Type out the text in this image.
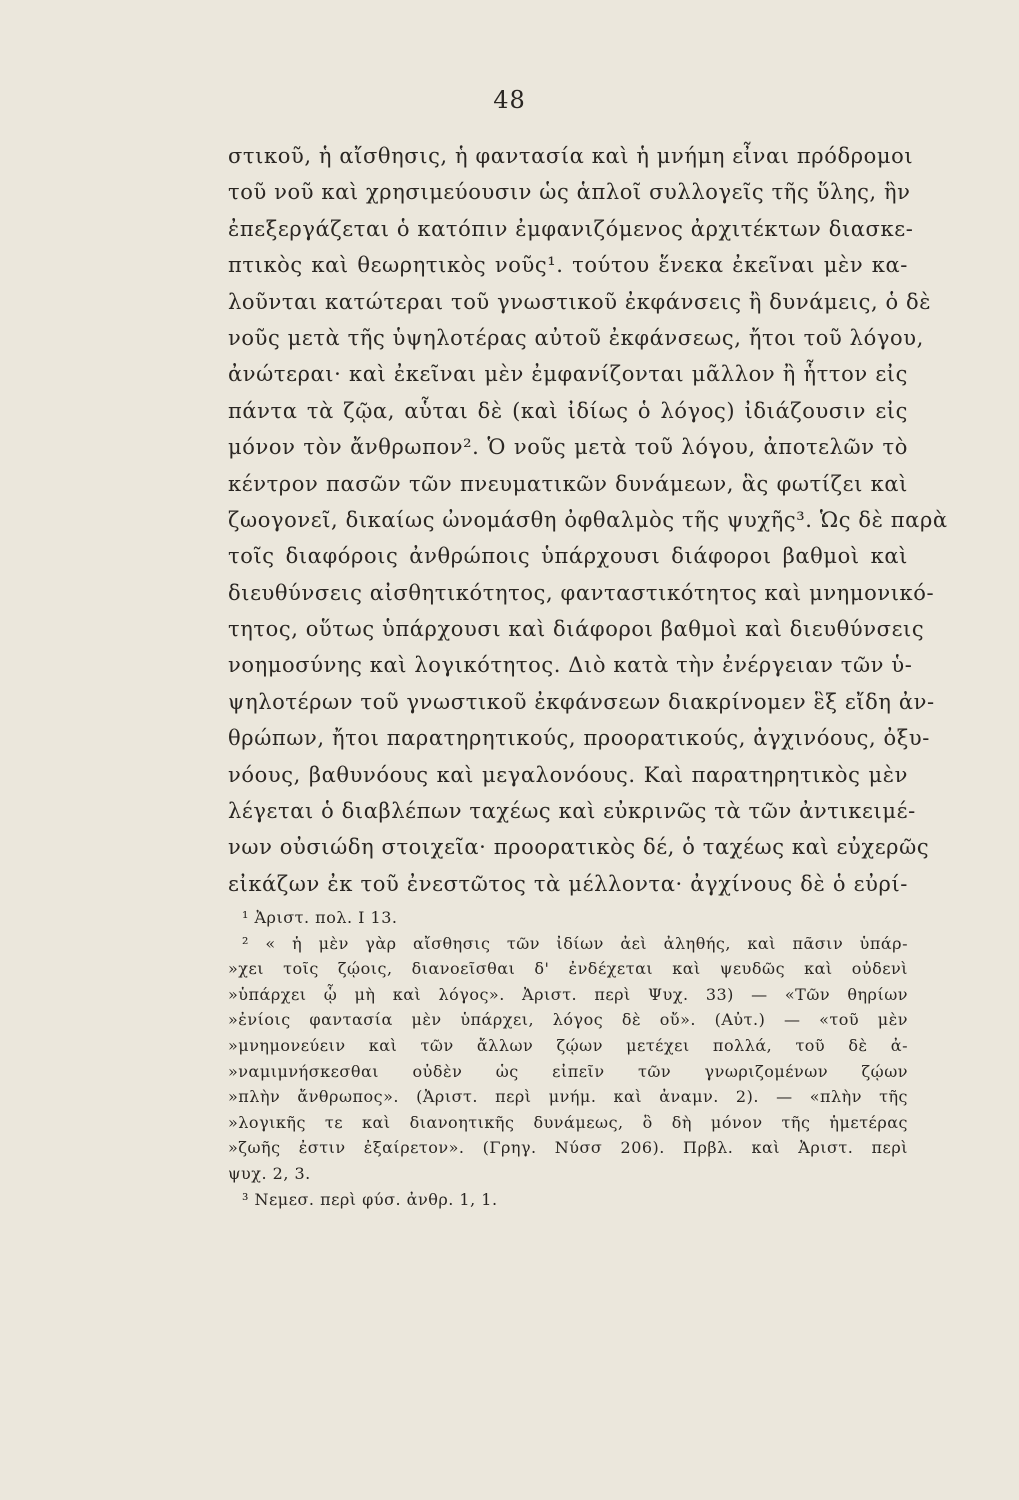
48
στικοῦ, ἡ αἴσθησις, ἡ φαντασία καὶ ἡ μνήμη εἶναι πρόδρομοι
τοῦ νοῦ καὶ χρησιμεύουσιν ὡς ἁπλοῖ συλλογεῖς τῆς ὕλης, ἣν
ἐπεξεργάζεται ὁ κατόπιν ἐμφανιζόμενος ἀρχιτέκτων διασκε-
πτικὸς καὶ θεωρητικὸς νοῦς¹. τούτου ἕνεκα ἐκεῖναι μὲν κα-
λοῦνται κατώτεραι τοῦ γνωστικοῦ ἐκφάνσεις ἢ δυνάμεις, ὁ δὲ
νοῦς μετὰ τῆς ὑψηλοτέρας αὐτοῦ ἐκφάνσεως, ἤτοι τοῦ λόγου,
ἀνώτεραι· καὶ ἐκεῖναι μὲν ἐμφανίζονται μᾶλλον ἢ ἧττον εἰς
πάντα τὰ ζῷα, αὗται δὲ (καὶ ἰδίως ὁ λόγος) ἰδιάζουσιν εἰς
μόνον τὸν ἄνθρωπον². Ὁ νοῦς μετὰ τοῦ λόγου, ἀποτελῶν τὸ
κέντρον πασῶν τῶν πνευματικῶν δυνάμεων, ἃς φωτίζει καὶ
ζωογονεῖ, δικαίως ὠνομάσθη ὀφθαλμὸς τῆς ψυχῆς³. Ὡς δὲ παρὰ
τοῖς διαφόροις ἀνθρώποις ὑπάρχουσι διάφοροι βαθμοὶ καὶ
διευθύνσεις αἰσθητικότητος, φανταστικότητος καὶ μνημονικό-
τητος, οὕτως ὑπάρχουσι καὶ διάφοροι βαθμοὶ καὶ διευθύνσεις
νοημοσύνης καὶ λογικότητος. Διὸ κατὰ τὴν ἐνέργειαν τῶν ὑ-
ψηλοτέρων τοῦ γνωστικοῦ ἐκφάνσεων διακρίνομεν ἓξ εἴδη ἀν-
θρώπων, ἤτοι παρατηρητικούς, προορατικούς, ἀγχινόους, ὀξυ-
νόους, βαθυνόους καὶ μεγαλονόους. Καὶ παρατηρητικὸς μὲν
λέγεται ὁ διαβλέπων ταχέως καὶ εὐκρινῶς τὰ τῶν ἀντικειμέ-
νων οὐσιώδη στοιχεῖα· προορατικὸς δέ, ὁ ταχέως καὶ εὐχερῶς
εἰκάζων ἐκ τοῦ ἐνεστῶτος τὰ μέλλοντα· ἀγχίνους δὲ ὁ εὐρί-
¹ Ἀριστ. πολ. Ι 13.
² « ἡ μὲν γὰρ αἴσθησις τῶν ἰδίων ἀεὶ ἀληθής, καὶ πᾶσιν ὑπάρ-
»χει τοῖς ζῴοις, διανοεῖσθαι δ' ἐνδέχεται καὶ ψευδῶς καὶ οὐδενὶ
»ὑπάρχει ᾧ μὴ καὶ λόγος». Ἀριστ. περὶ Ψυχ. 33) — «Τῶν θηρίων
»ἐνίοις φαντασία μὲν ὑπάρχει, λόγος δὲ οὔ». (Αὐτ.) — «τοῦ μὲν
»μνημονεύειν καὶ τῶν ἄλλων ζῴων μετέχει πολλά, τοῦ δὲ ἀ-
»ναμιμνήσκεσθαι οὐδὲν ὡς εἰπεῖν τῶν γνωριζομένων ζῴων
»πλὴν ἄνθρωπος». (Ἀριστ. περὶ μνήμ. καὶ ἀναμν. 2). — «πλὴν τῆς
»λογικῆς τε καὶ διανοητικῆς δυνάμεως, ὃ δὴ μόνον τῆς ἡμετέρας
»ζωῆς ἐστιν ἐξαίρετον». (Γρηγ. Νύσσ 206). Πρβλ. καὶ Ἀριστ. περὶ
ψυχ. 2, 3.
³ Νεμεσ. περὶ φύσ. ἀνθρ. 1, 1.
